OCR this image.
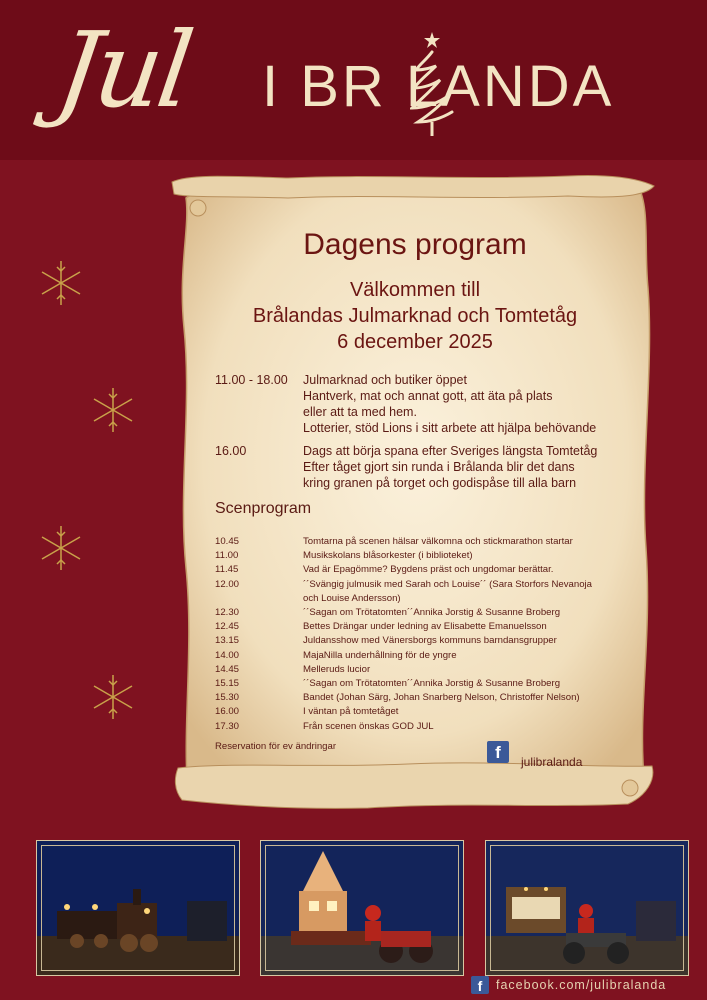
Jul I BR LANDA
Dagens program
Välkommen till
Brålandas Julmarknad och Tomtetåg
6 december 2025
11.00 - 18.00	Julmarknad och butiker öppet
Hantverk, mat och annat gott, att äta på plats
eller att ta med hem.
Lotterier, stöd Lions i sitt arbete att hjälpa behövande
16.00	Dags att börja spana efter Sveriges längsta Tomtetåg
Efter tåget gjort sin runda i Brålanda blir det dans
kring granen på torget och godispåse till alla barn
Scenprogram
10.45	Tomtarna på scenen hälsar välkomna och stickmarathon startar
11.00	Musikskolans blåsorkester (i biblioteket)
11.45	Vad är Epagömme? Bygdens präst och ungdomar berättar.
12.00	´´Svängig julmusik med Sarah och Louise´´ (Sara Storfors Nevanoja
och Louise Andersson)
12.30	´´Sagan om Trötatomten´´Annika Jorstig & Susanne Broberg
12.45	Bettes Drängar under ledning av Elisabette Emanuelsson
13.15	Juldansshow med Vänersborgs kommuns barndansgrupper
14.00	MajaNilla underhållning för de yngre
14.45	Melleruds lucior
15.15	´´Sagan om Trötatomten´´Annika Jorstig & Susanne Broberg
15.30	Bandet (Johan Särg, Johan Snarberg Nelson, Christoffer Nelson)
16.00	I väntan på tomtetåget
17.30	Från scenen önskas GOD JUL
Reservation för ev ändringar	f	julibralanda
f	facebook.com/julibralanda
